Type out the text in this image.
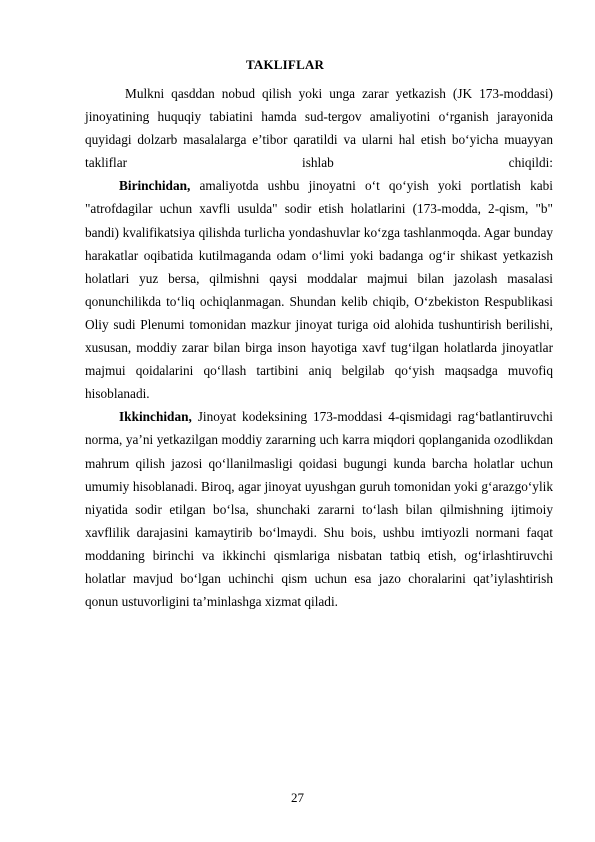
TAKLIFLAR

Mulkni qasddan nobud qilish yoki unga zarar yetkazish (JK 173-moddasi) jinoyatining huquqiy tabiatini hamda sud-tergov amaliyotini o‘rganish jarayonida quyidagi dolzarb masalalarga e’tibor qaratildi va ularni hal etish bo‘yicha muayyan takliflar ishlab chiqildi:

Birinchidan, amaliyotda ushbu jinoyatni o‘t qo‘yish yoki portlatish kabi "atrofdagilar uchun xavfli usulda" sodir etish holatlarini (173-modda, 2-qism, "b" bandi) kvalifikatsiya qilishda turlicha yondashuvlar ko‘zga tashlanmoqda. Agar bunday harakatlar oqibatida kutilmaganda odam o‘limi yoki badanga og‘ir shikast yetkazish holatlari yuz bersa, qilmishni qaysi moddalar majmui bilan jazolash masalasi qonunchilikda to‘liq ochiqlanmagan. Shundan kelib chiqib, O‘zbekiston Respublikasi Oliy sudi Plenumi tomonidan mazkur jinoyat turiga oid alohida tushuntirish berilishi, xususan, moddiy zarar bilan birga inson hayotiga xavf tug‘ilgan holatlarda jinoyatlar majmui qoidalarini qo‘llash tartibini aniq belgilab qo‘yish maqsadga muvofiq hisoblanadi.

Ikkinchidan, Jinoyat kodeksining 173-moddasi 4-qismidagi rag‘batlantiruvchi norma, ya’ni yetkazilgan moddiy zararning uch karra miqdori qoplanganida ozodlikdan mahrum qilish jazosi qo‘llanilmasligi qoidasi bugungi kunda barcha holatlar uchun umumiy hisoblanadi. Biroq, agar jinoyat uyushgan guruh tomonidan yoki g‘arazgo‘ylik niyatida sodir etilgan bo‘lsa, shunchaki zararni to‘lash bilan qilmishning ijtimoiy xavflilik darajasini kamaytirib bo‘lmaydi. Shu bois, ushbu imtiyozli normani faqat moddaning birinchi va ikkinchi qismlariga nisbatan tatbiq etish, og‘irlashtiruvchi holatlar mavjud bo‘lgan uchinchi qism uchun esa jazo choralarini qat’iylashtirish qonun ustuvorligini ta’minlashga xizmat qiladi.

27
